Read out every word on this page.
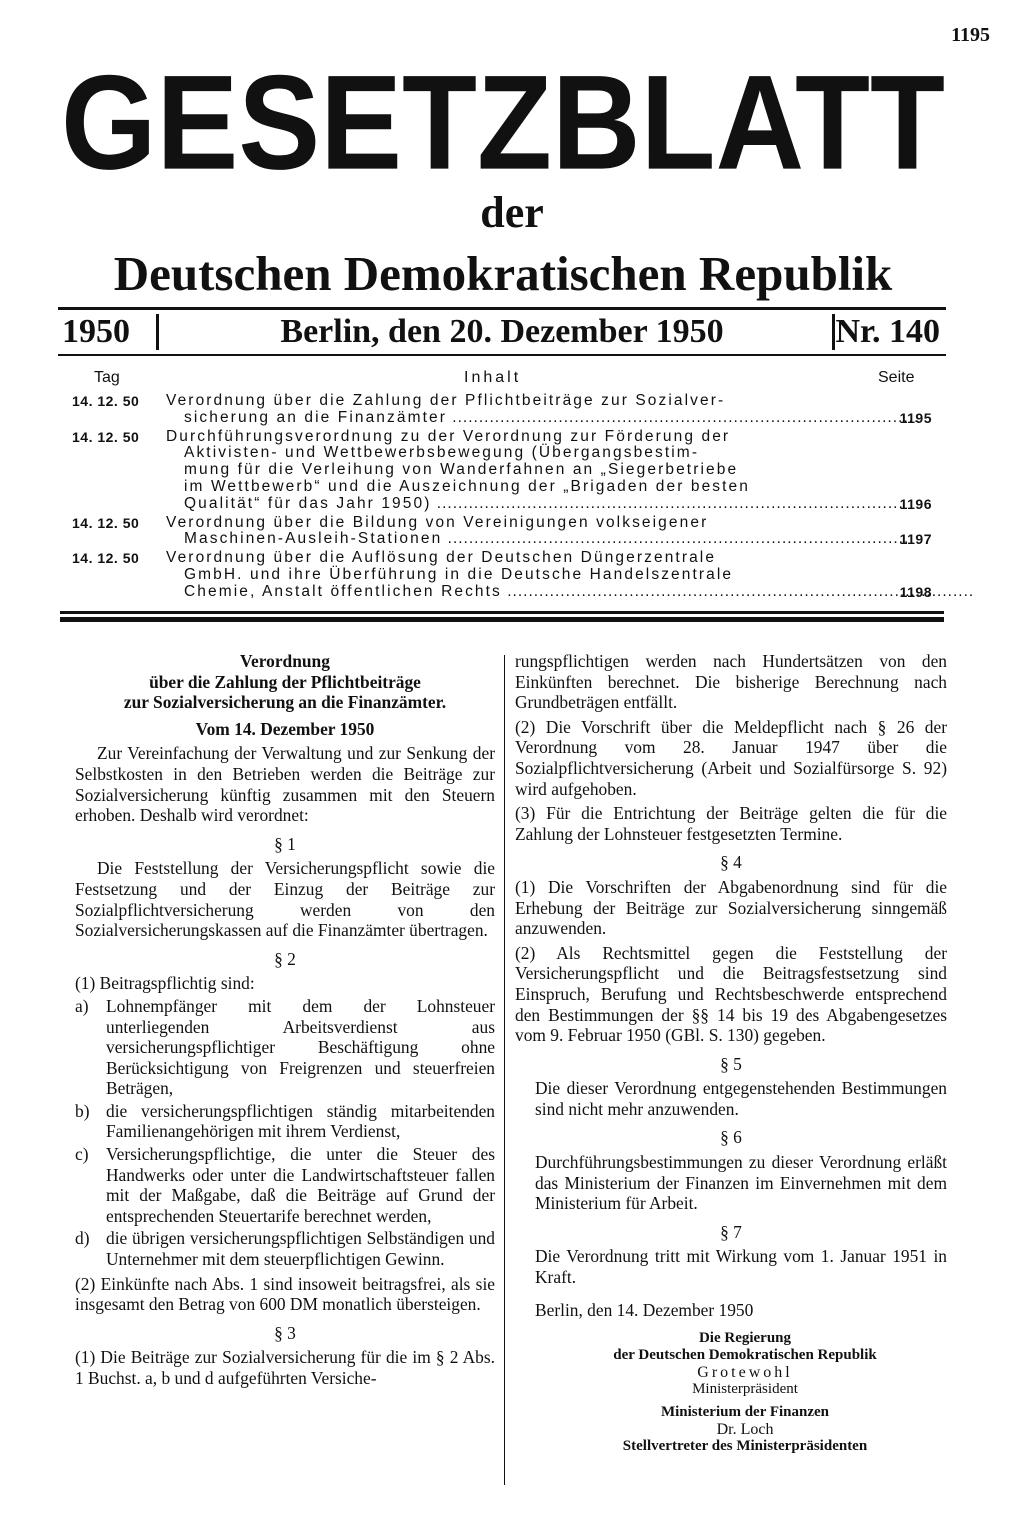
1195
GESETZBLATT
der
Deutschen Demokratischen Republik
1950	Berlin, den 20. Dezember 1950	Nr. 140
Tag	Inhalt	Seite
14. 12. 50 Verordnung über die Zahlung der Pflichtbeiträge zur Sozialver-
sicherung an die Finanzämter .....	1195
14. 12. 50 Durchführungsverordnung zu der Verordnung zur Förderung der
Aktivisten- und Wettbewerbsbewegung (Übergangsbestim-
mung für die Verleihung von Wanderfahnen an „Siegerbetriebe
im Wettbewerb“ und die Auszeichnung der „Brigaden der besten
Qualität“ für das Jahr 1950) .....	1196
14. 12. 50 Verordnung über die Bildung von Vereinigungen volkseigener
Maschinen-Ausleih-Stationen .....	1197
14. 12. 50 Verordnung über die Auflösung der Deutschen Düngerzentrale
GmbH. und ihre Überführung in die Deutsche Handelszentrale
Chemie, Anstalt öffentlichen Rechts .....	1198

Verordnung

über die Zahlung der Pflichtbeiträge

zur Sozialversicherung an die Finanzämter.

Vom 14. Dezember 1950

Zur Vereinfachung der Verwaltung und zur Senkung der Selbstkosten in den Betrieben werden die Beiträge zur Sozialversicherung künftig zusammen mit den Steuern erhoben. Deshalb wird verordnet:

§ 1

Die Feststellung der Versicherungspflicht sowie die Festsetzung und der Einzug der Beiträge zur Sozialpflichtversicherung werden von den Sozialversicherungskassen auf die Finanzämter übertragen.

§ 2

(1) Beitragspflichtig sind:

a) Lohnempfänger mit dem der Lohnsteuer unterliegenden Arbeitsverdienst aus versicherungspflichtiger Beschäftigung ohne Berücksichtigung von Freigrenzen und steuerfreien Beträgen,
b) die versicherungspflichtigen ständig mitarbeitenden Familienangehörigen mit ihrem Verdienst,
c) Versicherungspflichtige, die unter die Steuer des Handwerks oder unter die Landwirtschaftsteuer fallen mit der Maßgabe, daß die Beiträge auf Grund der entsprechenden Steuertarife berechnet werden,
d) die übrigen versicherungspflichtigen Selbständigen und Unternehmer mit dem steuerpflichtigen Gewinn.

(2) Einkünfte nach Abs. 1 sind insoweit beitragsfrei, als sie insgesamt den Betrag von 600 DM monatlich übersteigen.

§ 3

(1) Die Beiträge zur Sozialversicherung für die im § 2 Abs. 1 Buchst. a, b und d aufgeführten Versiche-

rungspflichtigen werden nach Hundertsätzen von den Einkünften berechnet. Die bisherige Berechnung nach Grundbeträgen entfällt.

(2) Die Vorschrift über die Meldepflicht nach § 26 der Verordnung vom 28. Januar 1947 über die Sozialpflichtversicherung (Arbeit und Sozialfürsorge S. 92) wird aufgehoben.

(3) Für die Entrichtung der Beiträge gelten die für die Zahlung der Lohnsteuer festgesetzten Termine.

§ 4

(1) Die Vorschriften der Abgabenordnung sind für die Erhebung der Beiträge zur Sozialversicherung sinngemäß anzuwenden.

(2) Als Rechtsmittel gegen die Feststellung der Versicherungspflicht und die Beitragsfestsetzung sind Einspruch, Berufung und Rechtsbeschwerde entsprechend den Bestimmungen der §§ 14 bis 19 des Abgabengesetzes vom 9. Februar 1950 (GBl. S. 130) gegeben.

§ 5

Die dieser Verordnung entgegenstehenden Bestimmungen sind nicht mehr anzuwenden.

§ 6

Durchführungsbestimmungen zu dieser Verordnung erläßt das Ministerium der Finanzen im Einvernehmen mit dem Ministerium für Arbeit.

§ 7

Die Verordnung tritt mit Wirkung vom 1. Januar 1951 in Kraft.

Berlin, den 14. Dezember 1950

Die Regierung
der Deutschen Demokratischen Republik
Grotewohl
Ministerpräsident
Ministerium der Finanzen
Dr. Loch
Stellvertreter des Ministerpräsidenten
